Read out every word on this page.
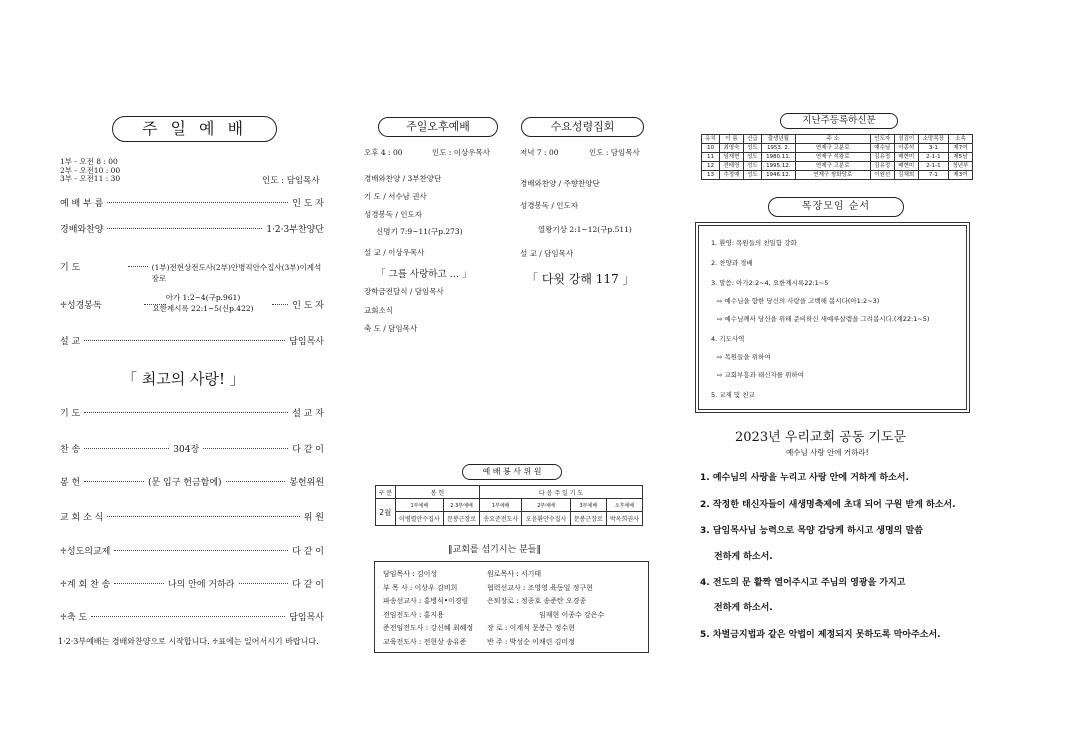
주 일 예 배
1부 - 오전 8 : 00
2부 - 오전10 : 00
3부 - 오전11 : 30	인도 : 담임목사
예 배 부 름	인 도 자
경배와찬양	1·2·3부찬양단
기 도	(1부)전현상전도사(2부)안병직안수집사(3부)이계석장로
♱성경봉독	인 도 자
아가 1:2~4(구p.961)
요한계시록 22:1~5(신p.422)
설 교	담임목사
「 최고의 사랑! 」
기 도	설 교 자
찬 송	304장	다 같 이
봉 헌	(문 입구 헌금함에)	봉헌위원
교 회 소 식	위 원
♱성도의교제	다 같 이
♱계 회 찬 송	나의 안에 거하라	다 같 이
♱축 도	담임목사
1·2·3부예배는 경배와찬양으로 시작합니다. ♱표에는 일어서시기 바랍니다.
주일오후예배	수요성령집회
오후 4 : 00	인도 : 이상우목사
경배와찬양 / 3부찬양단
기 도 / 서수남 권사
성경봉독 / 인도자
신명기 7:9~11(구p.273)
설 교 / 이상우목사
「 그를 사랑하고 … 」
장학금전달식 / 담임목사
교회소식
축 도 / 담임목사
저녁 7 : 00	인도 : 담임목사
경배와찬양 / 주향찬양단
성경봉독 / 인도자
열왕기상 2:1~12(구p.511)
설 교 / 담임목사
「 다윗 강해 117 」
예 배 봉 사 위 원
구 분	봉 헌		다 음 주 일 기 도			
2월	1부예배	2·3부예배	1부예배	2부예배	3부예배	오후예배
	이병렬안수집사	문봉근장로	송요준전도사	오윤환안수집사	문봉근장로	박옥희권사
‖교회를 섬기시는 분들‖
담임목사 : 김이성
부 목 사 : 이상우 김비희
파송선교사 : 홍병식•이경림
전임전도사 : 홍지용
준전임전도사 : 강신혜 최혜정
교육전도사 : 전현상 송유준
원로목사 : 서기태
협력선교사 : 조영영 육동일 정구현
은퇴장로 : 정종호 송준탄 오경종
임재현 이종수 강은수
장 로 : 이계석 문봉근 정수현
반 주 : 박성순 이채린 김미정
지난주등록하신분
유치	이 름	신급	출생년월	주 소	인도자	섬김이	소망목장	소속
10	최영숙	성도	1953. 2.	연제구 고분로	예수님	이종석	3-1	제7여
11	임재현	성도	1980.11.	연제구 석왕로	김유정	배현미	2-1-1	제5남
12	전태영	성도	1995.12.	연제구 고분로	김유정	배현미	2-1-1	청년부
13	추정예	성도	1946.12.	연제구 쌍화당로	이원선	김채희	7-1	제3여
목장모임 순서
1. 환영: 목원들의 친밀함 강화
2. 찬양과 경배
3. 말씀: 아가2:2~4, 요한계시록22:1~5
⇨ 예수님을 향한 당신의 사랑을 고백해 봅시다(아1:2~3)
⇨ 예수님께서 당신을 위해 준비하신 새예루살렘을 그려봅시다.(계22:1~5)
4. 기도사역
⇨ 목원들을 위하여
⇨ 교회부흥과 태신자를 위하여
5. 교제 및 친교
2023년 우리교회 공동 기도문
예수님 사랑 안에 거하라!
1. 예수님의 사랑을 누리고 사랑 안에 거하게 하소서.
2. 작정한 태신자들이 새생명축제에 초대 되어 구원 받게 하소서.
3. 담임목사님 능력으로 목양 감당케 하시고 생명의 말씀
전하게 하소서.
4. 전도의 문 활짝 열어주시고 주님의 영광을 가지고
전하게 하소서.
5. 차별금지법과 같은 악법이 제정되지 못하도록 막아주소서.
